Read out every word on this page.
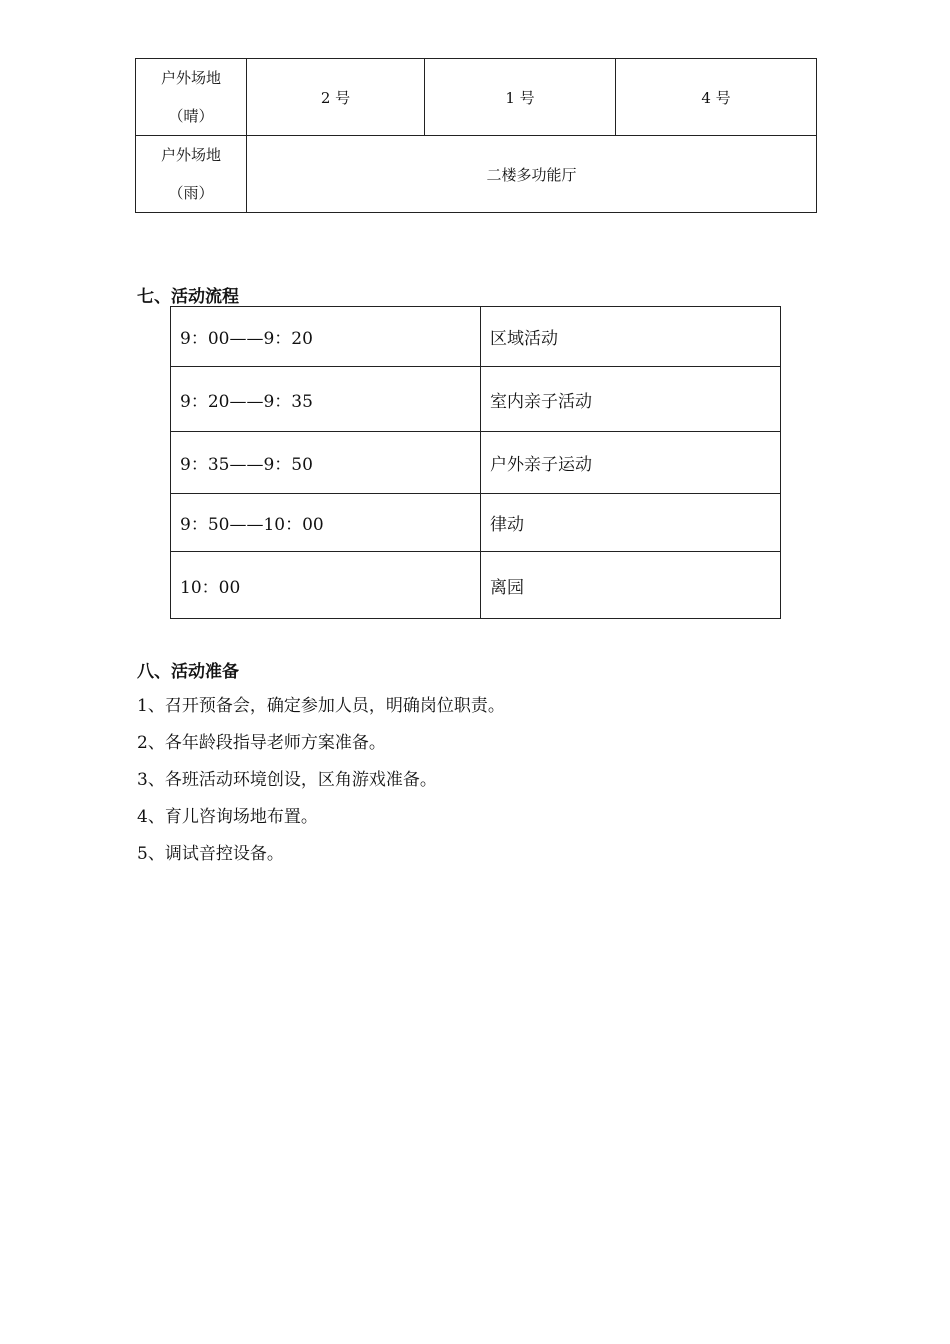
户外场地
（晴）	2 号	1 号	4 号

户外场地
（雨）	二楼多功能厅		
七、活动流程
9：00——9：20	区域活动
9：20——9：35	室内亲子活动
9：35——9：50	户外亲子运动
9：50——10：00	律动
10：00	离园
八、活动准备
1、召开预备会，确定参加人员，明确岗位职责。
2、各年龄段指导老师方案准备。
3、各班活动环境创设，区角游戏准备。
4、育儿咨询场地布置。
5、调试音控设备。
